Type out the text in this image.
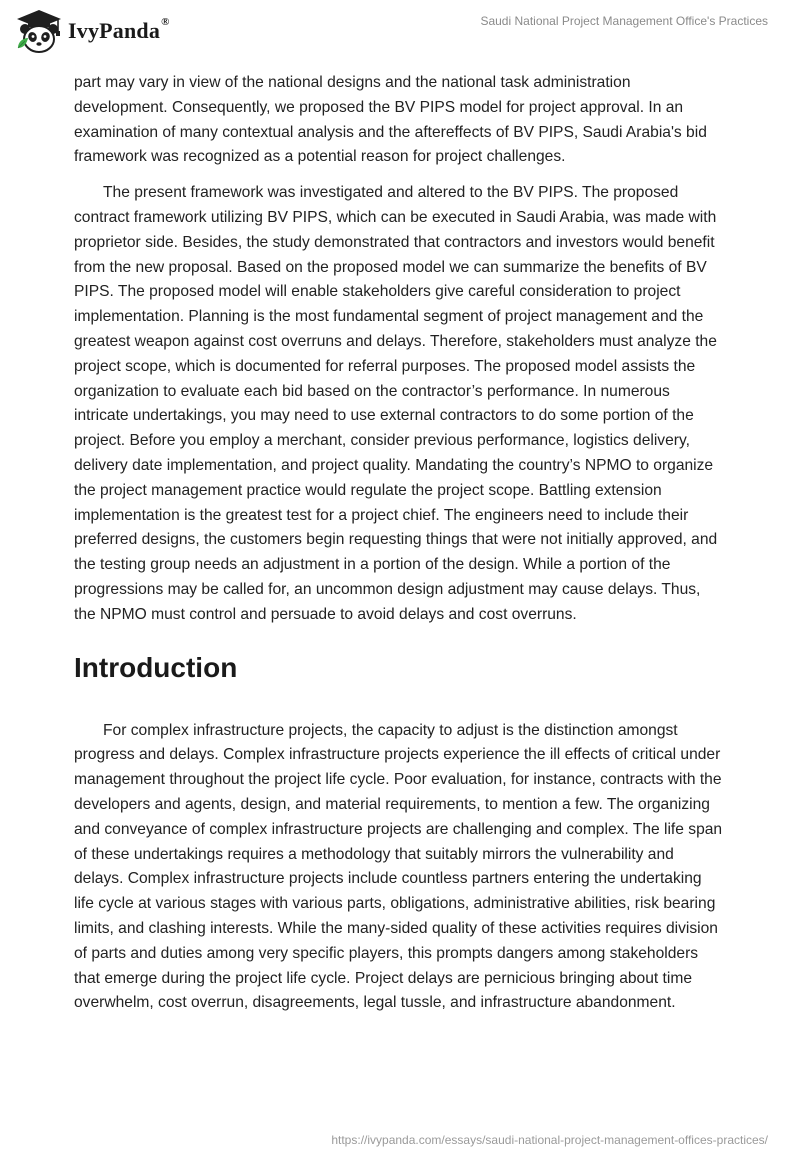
IvyPanda®	Saudi National Project Management Office's Practices

part may vary in view of the national designs and the national task administration development. Consequently, we proposed the BV PIPS model for project approval. In an examination of many contextual analysis and the aftereffects of BV PIPS, Saudi Arabia's bid framework was recognized as a potential reason for project challenges.

The present framework was investigated and altered to the BV PIPS. The proposed contract framework utilizing BV PIPS, which can be executed in Saudi Arabia, was made with proprietor side. Besides, the study demonstrated that contractors and investors would benefit from the new proposal. Based on the proposed model we can summarize the benefits of BV PIPS. The proposed model will enable stakeholders give careful consideration to project implementation. Planning is the most fundamental segment of project management and the greatest weapon against cost overruns and delays. Therefore, stakeholders must analyze the project scope, which is documented for referral purposes. The proposed model assists the organization to evaluate each bid based on the contractor’s performance. In numerous intricate undertakings, you may need to use external contractors to do some portion of the project. Before you employ a merchant, consider previous performance, logistics delivery, delivery date implementation, and project quality. Mandating the country’s NPMO to organize the project management practice would regulate the project scope. Battling extension implementation is the greatest test for a project chief. The engineers need to include their preferred designs, the customers begin requesting things that were not initially approved, and the testing group needs an adjustment in a portion of the design. While a portion of the progressions may be called for, an uncommon design adjustment may cause delays. Thus, the NPMO must control and persuade to avoid delays and cost overruns.

Introduction

For complex infrastructure projects, the capacity to adjust is the distinction amongst progress and delays. Complex infrastructure projects experience the ill effects of critical under management throughout the project life cycle. Poor evaluation, for instance, contracts with the developers and agents, design, and material requirements, to mention a few. The organizing and conveyance of complex infrastructure projects are challenging and complex. The life span of these undertakings requires a methodology that suitably mirrors the vulnerability and delays. Complex infrastructure projects include countless partners entering the undertaking life cycle at various stages with various parts, obligations, administrative abilities, risk bearing limits, and clashing interests. While the many-sided quality of these activities requires division of parts and duties among very specific players, this prompts dangers among stakeholders that emerge during the project life cycle. Project delays are pernicious bringing about time overwhelm, cost overrun, disagreements, legal tussle, and infrastructure abandonment.

https://ivypanda.com/essays/saudi-national-project-management-offices-practices/
